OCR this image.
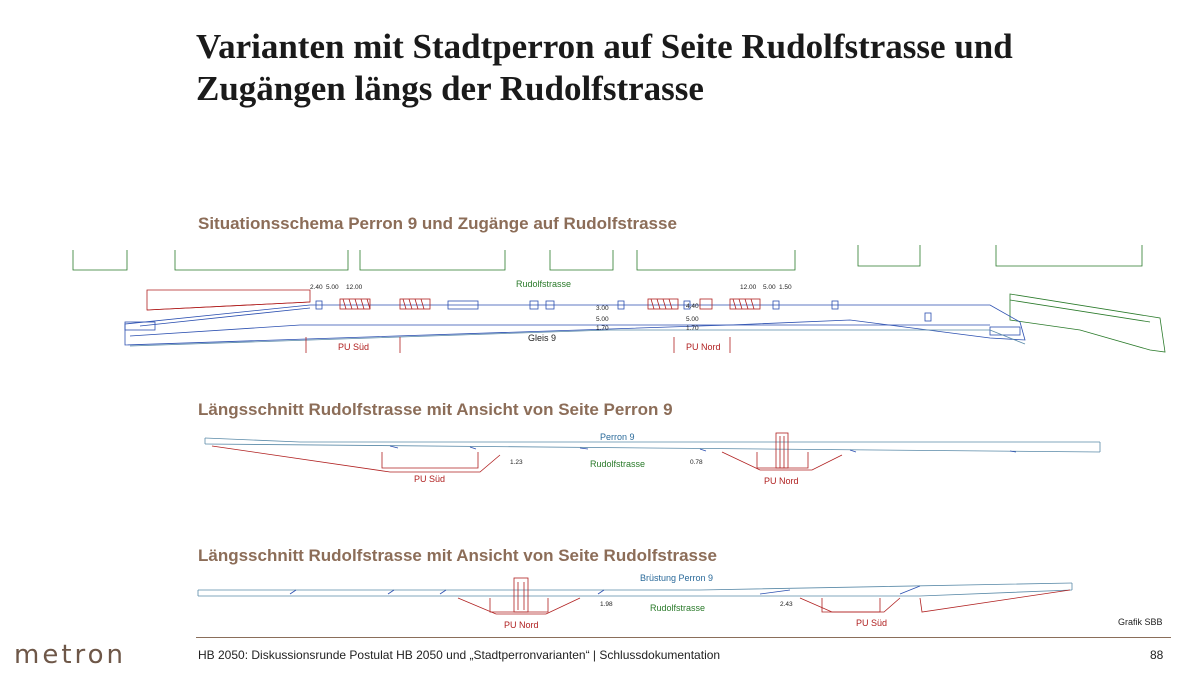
Varianten mit Stadtperron auf Seite Rudolfstrasse und Zugängen längs der Rudolfstrasse
Situationsschema Perron 9 und Zugänge auf Rudolfstrasse
Längsschnitt Rudolfstrasse mit Ansicht von Seite Perron 9
Längsschnitt Rudolfstrasse mit Ansicht von Seite Rudolfstrasse
2.40 5.00 12.00	12.00 5.00 1.50
3.00
5.00
1.70
4.40
5.00
1.70
Rudolfstrasse
Gleis 9
PU Süd	PU Nord
Perron 9
Rudolfstrasse
PU Süd	PU Nord
1.23	0.78
Brüstung Perron 9
Rudolfstrasse
PU Nord	PU Süd
1.98	2.43
Grafik SBB
metron	HB 2050: Diskussionsrunde Postulat HB 2050 und „Stadtperronvarianten“ | Schlussdokumentation	88
